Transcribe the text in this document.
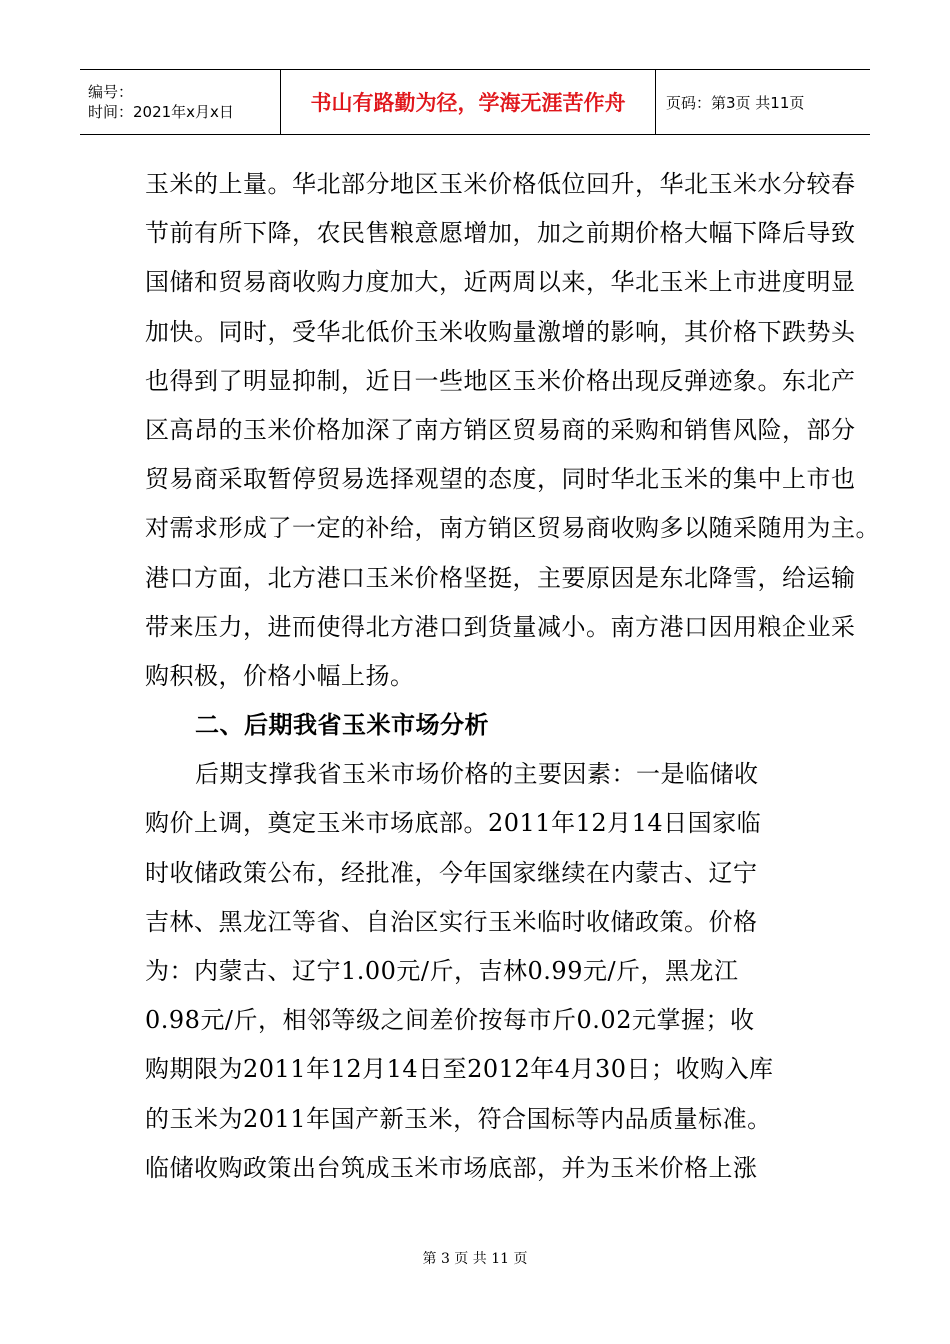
编号：
时间：2021年x月x日	书山有路勤为径，学海无涯苦作舟	页码：第3页 共11页
玉米的上量。华北部分地区玉米价格低位回升，华北玉米水分较春
节前有所下降，农民售粮意愿增加，加之前期价格大幅下降后导致
国储和贸易商收购力度加大，近两周以来，华北玉米上市进度明显
加快。同时，受华北低价玉米收购量激增的影响，其价格下跌势头
也得到了明显抑制，近日一些地区玉米价格出现反弹迹象。东北产
区高昂的玉米价格加深了南方销区贸易商的采购和销售风险，部分
贸易商采取暂停贸易选择观望的态度，同时华北玉米的集中上市也
对需求形成了一定的补给，南方销区贸易商收购多以随采随用为主。
港口方面，北方港口玉米价格坚挺，主要原因是东北降雪，给运输
带来压力，进而使得北方港口到货量减小。南方港口因用粮企业采
购积极，价格小幅上扬。
二、后期我省玉米市场分析
后期支撑我省玉米市场价格的主要因素：一是临储收
购价上调，奠定玉米市场底部。2011年12月14日国家临
时收储政策公布，经批准，今年国家继续在内蒙古、辽宁
吉林、黑龙江等省、自治区实行玉米临时收储政策。价格
为：内蒙古、辽宁1.00元/斤，吉林0.99元/斤，黑龙江
0.98元/斤，相邻等级之间差价按每市斤0.02元掌握；收
购期限为2011年12月14日至2012年4月30日；收购入库
的玉米为2011年国产新玉米，符合国标等内品质量标准。
临储收购政策出台筑成玉米市场底部，并为玉米价格上涨
第 3 页 共 11 页
